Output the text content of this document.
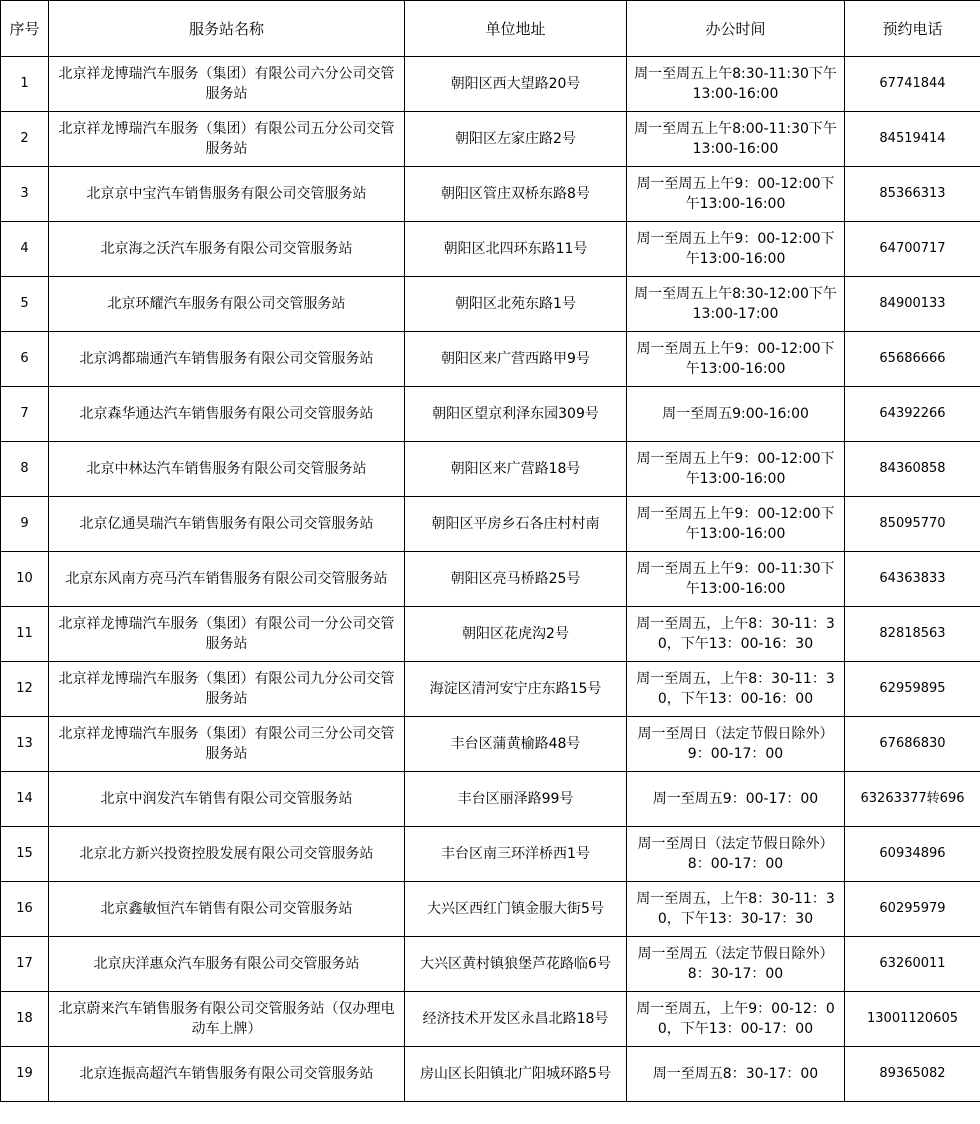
序号	服务站名称	单位地址	办公时间	预约电话
1	北京祥龙博瑞汽车服务（集团）有限公司六分公司交管服务站	朝阳区西大望路20号	周一至周五上午8:30-11:30下午13:00-16:00	67741844
2	北京祥龙博瑞汽车服务（集团）有限公司五分公司交管服务站	朝阳区左家庄路2号	周一至周五上午8:00-11:30下午13:00-16:00	84519414
3	北京京中宝汽车销售服务有限公司交管服务站	朝阳区管庄双桥东路8号	周一至周五上午9：00-12:00下午13:00-16:00	85366313
4	北京海之沃汽车服务有限公司交管服务站	朝阳区北四环东路11号	周一至周五上午9：00-12:00下午13:00-16:00	64700717
5	北京环耀汽车服务有限公司交管服务站	朝阳区北苑东路1号	周一至周五上午8:30-12:00下午13:00-17:00	84900133
6	北京鸿都瑞通汽车销售服务有限公司交管服务站	朝阳区来广营西路甲9号	周一至周五上午9：00-12:00下午13:00-16:00	65686666
7	北京森华通达汽车销售服务有限公司交管服务站	朝阳区望京利泽东园309号	周一至周五9:00-16:00	64392266
8	北京中林达汽车销售服务有限公司交管服务站	朝阳区来广营路18号	周一至周五上午9：00-12:00下午13:00-16:00	84360858
9	北京亿通昊瑞汽车销售服务有限公司交管服务站	朝阳区平房乡石各庄村村南	周一至周五上午9：00-12:00下午13:00-16:00	85095770
10	北京东风南方亮马汽车销售服务有限公司交管服务站	朝阳区亮马桥路25号	周一至周五上午9：00-11:30下午13:00-16:00	64363833
11	北京祥龙博瑞汽车服务（集团）有限公司一分公司交管服务站	朝阳区花虎沟2号	周一至周五，上午8：30-11：30，下午13：00-16：30	82818563
12	北京祥龙博瑞汽车服务（集团）有限公司九分公司交管服务站	海淀区清河安宁庄东路15号	周一至周五，上午8：30-11：30，下午13：00-16：00	62959895
13	北京祥龙博瑞汽车服务（集团）有限公司三分公司交管服务站	丰台区蒲黄榆路48号	周一至周日（法定节假日除外） 9：00-17：00	67686830
14	北京中润发汽车销售有限公司交管服务站	丰台区丽泽路99号	周一至周五9：00-17：00	63263377转696
15	北京北方新兴投资控股发展有限公司交管服务站	丰台区南三环洋桥西1号	周一至周日（法定节假日除外） 8：00-17：00	60934896
16	北京鑫敏恒汽车销售有限公司交管服务站	大兴区西红门镇金服大街5号	周一至周五，上午8：30-11：30，下午13：30-17：30	60295979
17	北京庆洋惠众汽车服务有限公司交管服务站	大兴区黄村镇狼堡芦花路临6号	周一至周五（法定节假日除外） 8：30-17：00	63260011
18	北京蔚来汽车销售服务有限公司交管服务站（仅办理电动车上牌）	经济技术开发区永昌北路18号	周一至周五，上午9：00-12：00，下午13：00-17：00	13001120605
19	北京连振高超汽车销售服务有限公司交管服务站	房山区长阳镇北广阳城环路5号	周一至周五8：30-17：00	89365082
